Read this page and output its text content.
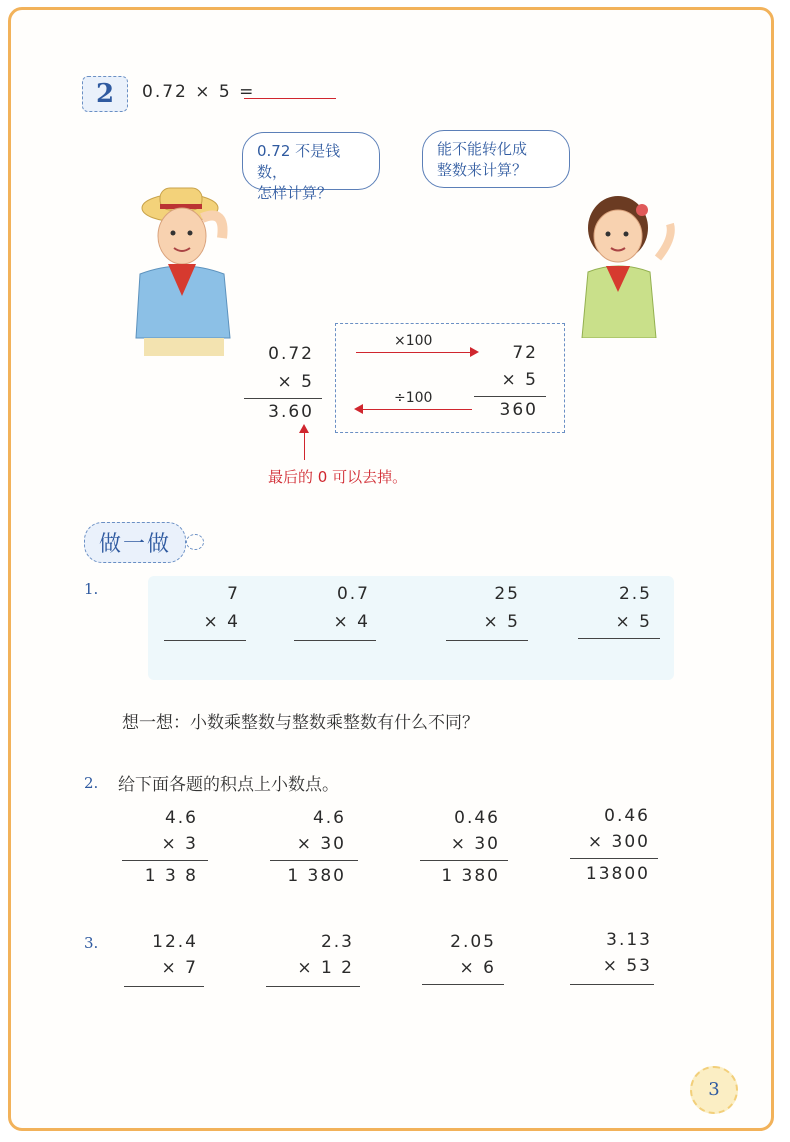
2	0.72 × 5 =
0.72 不是钱数，
怎样计算？
能不能转化成
整数来计算？
0.72
× 5
3.60
×100
÷100
72
× 5
360
最后的 0 可以去掉。
做一做
1.	7
× 4
0.7
× 4
25
× 5
2.5
× 5
想一想：小数乘整数与整数乘整数有什么不同？
2. 给下面各题的积点上小数点。
4.6
× 3
1 3 8
4.6
× 30
1 380
0.46
× 30
1 380
0.46
× 300
13800
3.	12.4
× 7
2.3
× 1 2
2.05
× 6
3.13
× 53
3
